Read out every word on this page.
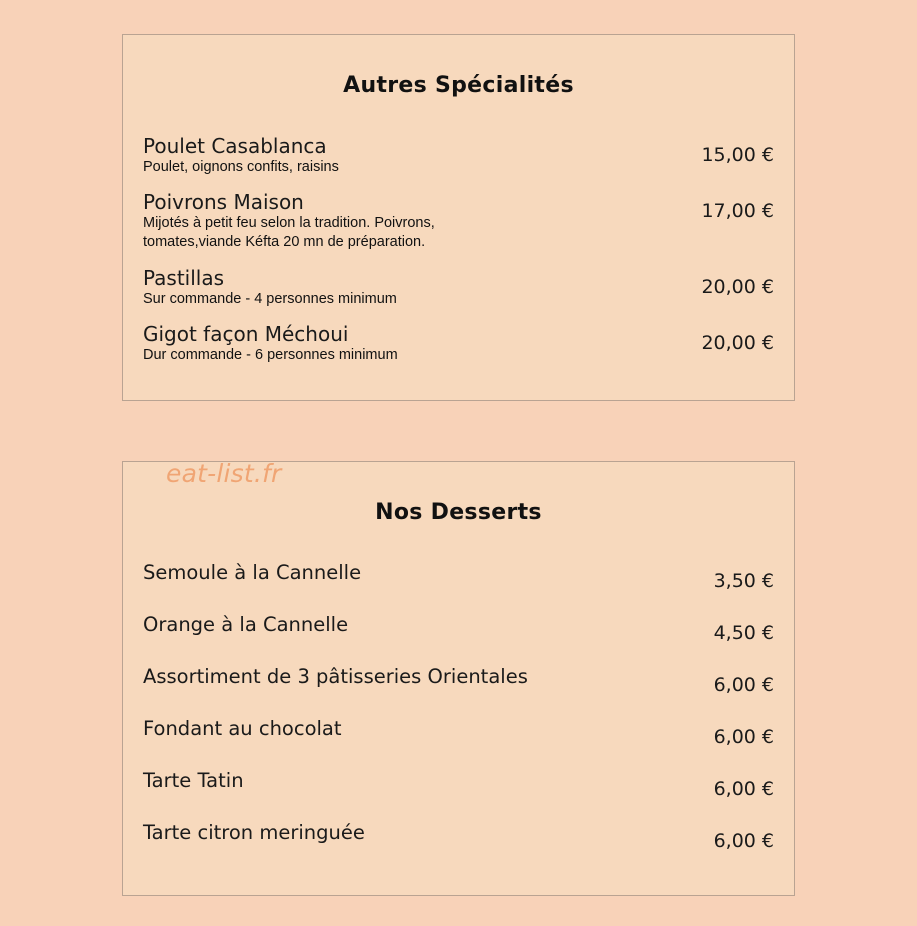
Autres Spécialités
Poulet Casablanca
Poulet, oignons confits, raisins
15,00 €
Poivrons Maison
Mijotés à petit feu selon la tradition. Poivrons, tomates,viande Kéfta 20 mn de préparation.
17,00 €
Pastillas
Sur commande - 4 personnes minimum
20,00 €
Gigot façon Méchoui
Dur commande - 6 personnes minimum
20,00 €
eat-list.fr
Nos Desserts
Semoule à la Cannelle	3,50 €
Orange à la Cannelle	4,50 €
Assortiment de 3 pâtisseries Orientales	6,00 €
Fondant au chocolat	6,00 €
Tarte Tatin	6,00 €
Tarte citron meringuée	6,00 €
